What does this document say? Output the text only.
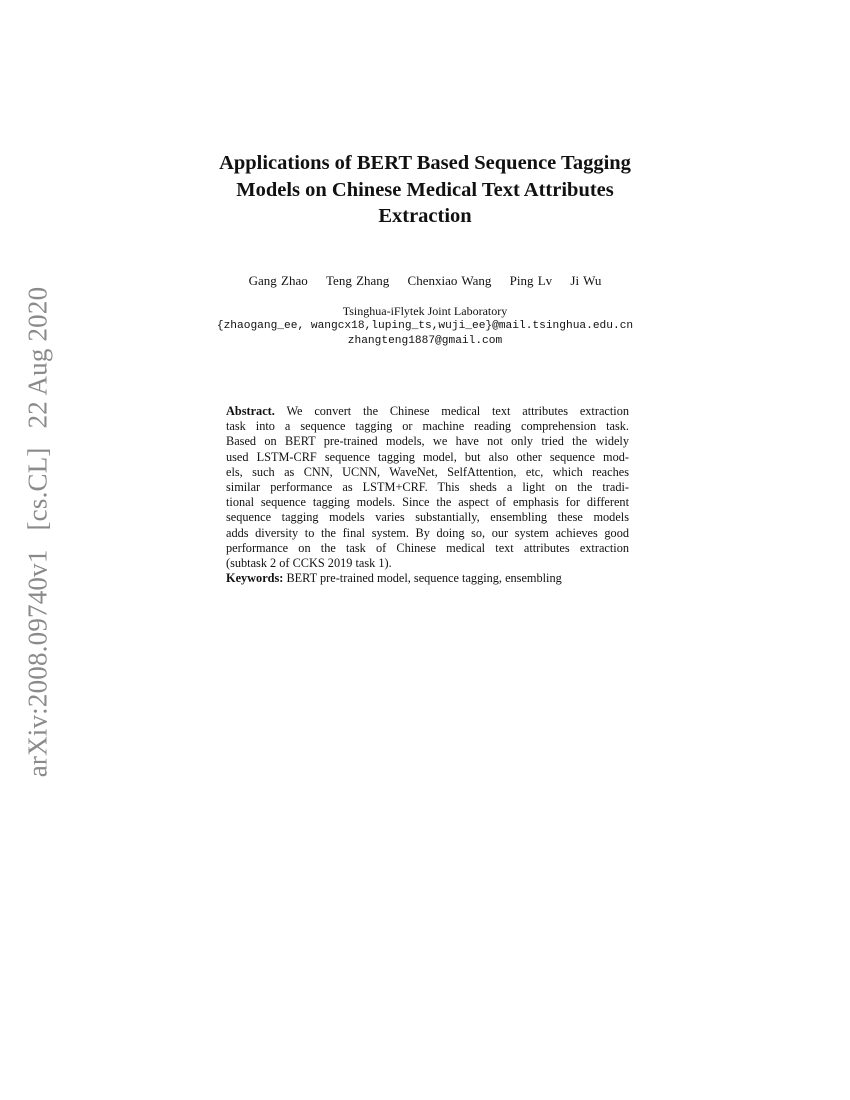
arXiv:2008.09740v1 [cs.CL] 22 Aug 2020
Applications of BERT Based Sequence Tagging
Models on Chinese Medical Text Attributes
Extraction
Gang Zhao Teng Zhang Chenxiao Wang Ping Lv Ji Wu
Tsinghua-iFlytek Joint Laboratory
{zhaogang_ee, wangcx18,luping_ts,wuji_ee}@mail.tsinghua.edu.cn
zhangteng1887@gmail.com
Abstract. We convert the Chinese medical text attributes extraction
task into a sequence tagging or machine reading comprehension task.
Based on BERT pre-trained models, we have not only tried the widely
used LSTM-CRF sequence tagging model, but also other sequence mod-
els, such as CNN, UCNN, WaveNet, SelfAttention, etc, which reaches
similar performance as LSTM+CRF. This sheds a light on the tradi-
tional sequence tagging models. Since the aspect of emphasis for different
sequence tagging models varies substantially, ensembling these models
adds diversity to the final system. By doing so, our system achieves good
performance on the task of Chinese medical text attributes extraction
(subtask 2 of CCKS 2019 task 1).
Keywords: BERT pre-trained model, sequence tagging, ensembling
